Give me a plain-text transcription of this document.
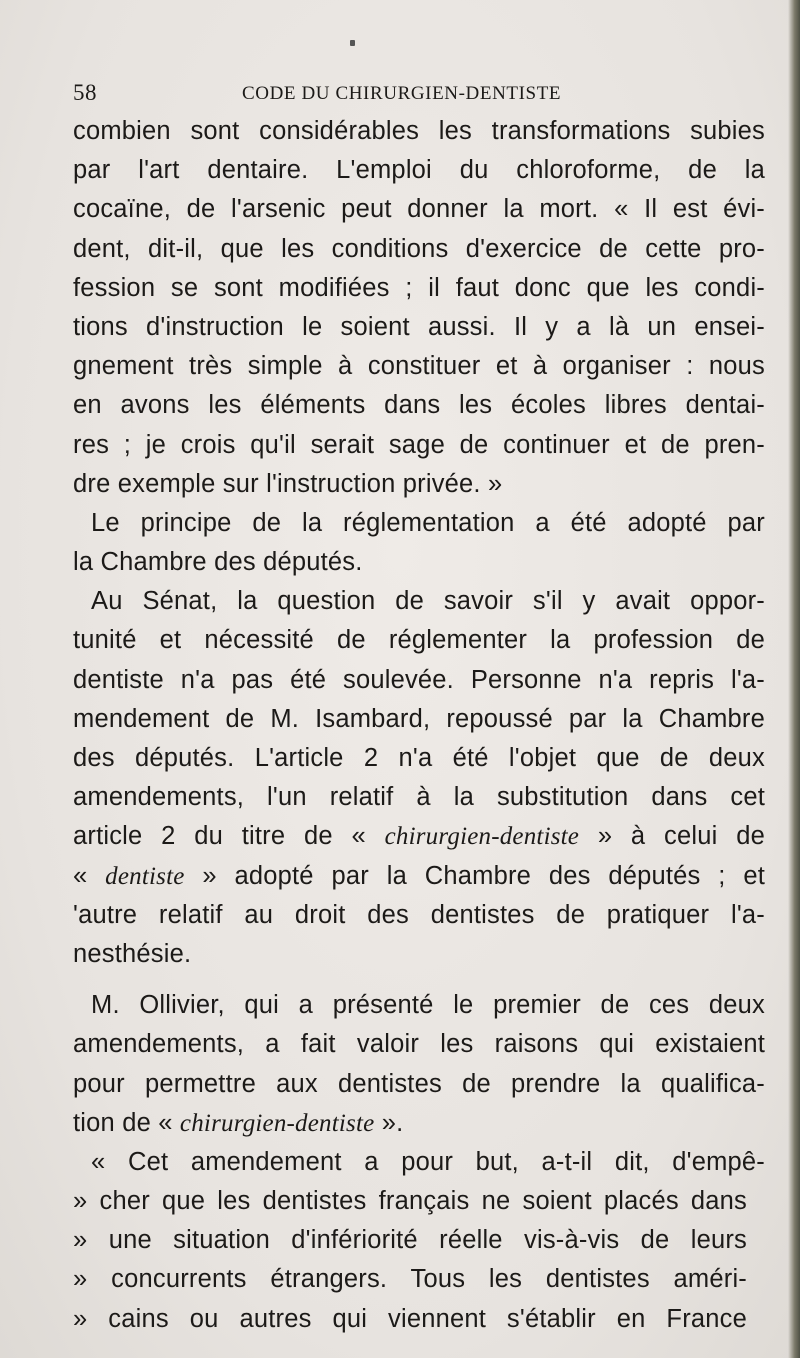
58	CODE DU CHIRURGIEN-DENTISTE
combien sont considérables les transformations subies
par l'art dentaire. L'emploi du chloroforme, de la
cocaïne, de l'arsenic peut donner la mort. « Il est évi-
dent, dit-il, que les conditions d'exercice de cette pro-
fession se sont modifiées ; il faut donc que les condi-
tions d'instruction le soient aussi. Il y a là un ensei-
gnement très simple à constituer et à organiser : nous
en avons les éléments dans les écoles libres dentai-
res ; je crois qu'il serait sage de continuer et de pren-
dre exemple sur l'instruction privée. »
Le principe de la réglementation a été adopté par
la Chambre des députés.
Au Sénat, la question de savoir s'il y avait oppor-
tunité et nécessité de réglementer la profession de
dentiste n'a pas été soulevée. Personne n'a repris l'a-
mendement de M. Isambard, repoussé par la Chambre
des députés. L'article 2 n'a été l'objet que de deux
amendements, l'un relatif à la substitution dans cet
article 2 du titre de « chirurgien-dentiste » à celui de
« dentiste » adopté par la Chambre des députés ; et
'autre relatif au droit des dentistes de pratiquer l'a-
nesthésie.
M. Ollivier, qui a présenté le premier de ces deux
amendements, a fait valoir les raisons qui existaient
pour permettre aux dentistes de prendre la qualifica-
tion de « chirurgien-dentiste ».
« Cet amendement a pour but, a-t-il dit, d'empê-
» cher que les dentistes français ne soient placés dans
» une situation d'infériorité réelle vis-à-vis de leurs
» concurrents étrangers. Tous les dentistes améri-
» cains ou autres qui viennent s'établir en France
